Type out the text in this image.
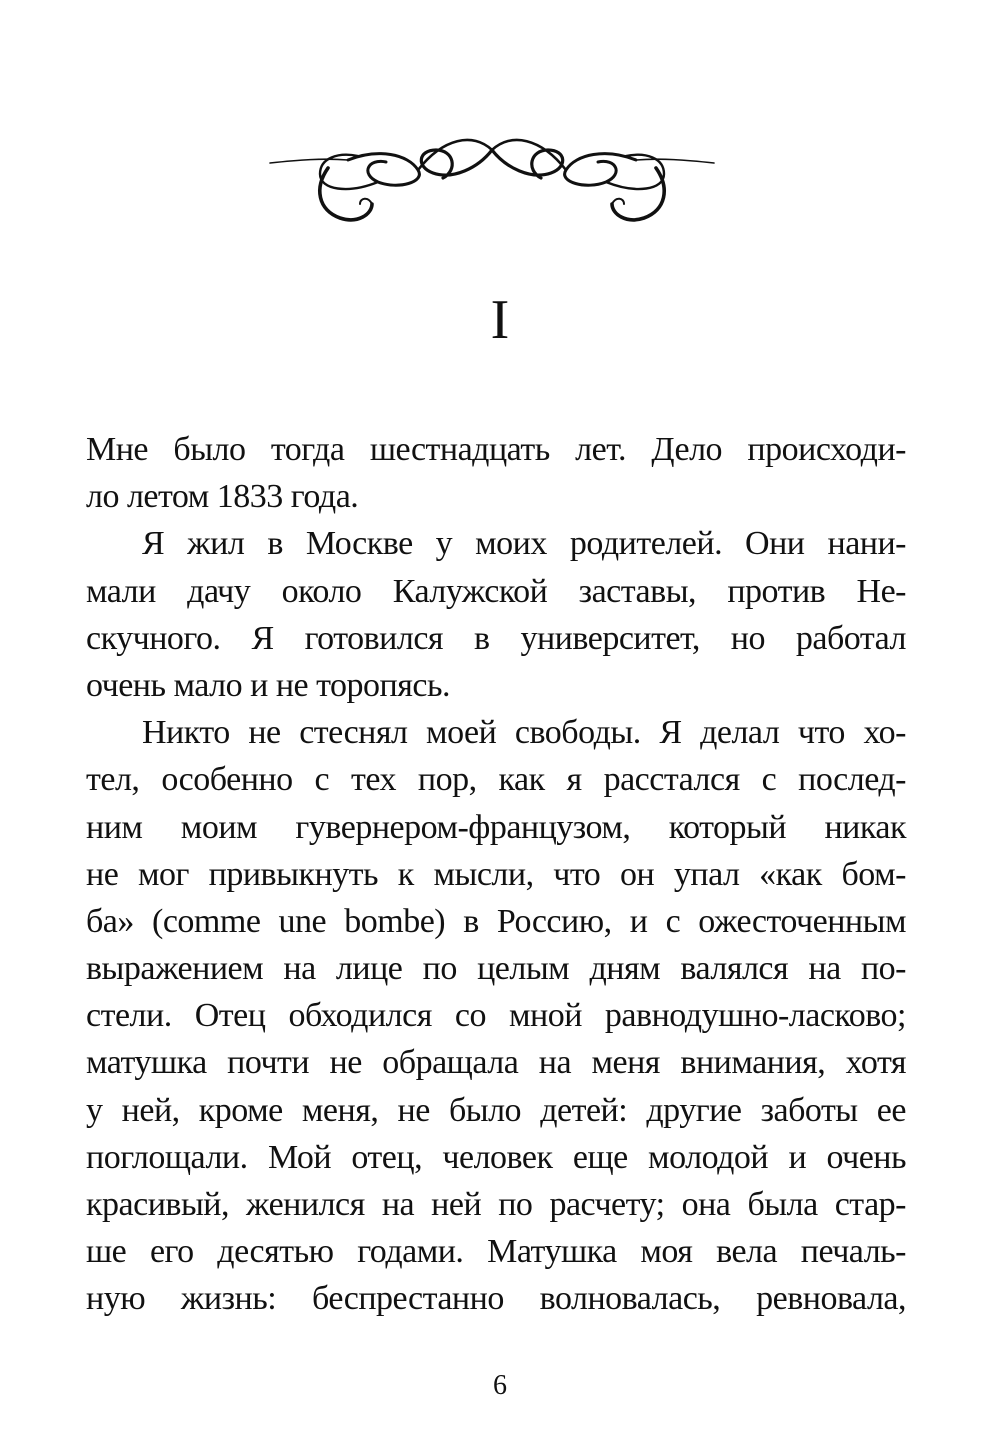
I
Мне было тогда шестнадцать лет. Дело происходи-
ло летом 1833 года.
Я жил в Москве у моих родителей. Они нани-
мали дачу около Калужской заставы, против Не-
скучного. Я готовился в университет, но работал
очень мало и не торопясь.
Никто не стеснял моей свободы. Я делал что хо-
тел, особенно с тех пор, как я расстался с послед-
ним моим гувернером-французом, который никак
не мог привыкнуть к мысли, что он упал «как бом-
ба» (comme une bombe) в Россию, и с ожесточенным
выражением на лице по целым дням валялся на по-
стели. Отец обходился со мной равнодушно-ласково;
матушка почти не обращала на меня внимания, хотя
у ней, кроме меня, не было детей: другие заботы ее
поглощали. Мой отец, человек еще молодой и очень
красивый, женился на ней по расчету; она была стар-
ше его десятью годами. Матушка моя вела печаль-
ную жизнь: беспрестанно волновалась, ревновала,
6
